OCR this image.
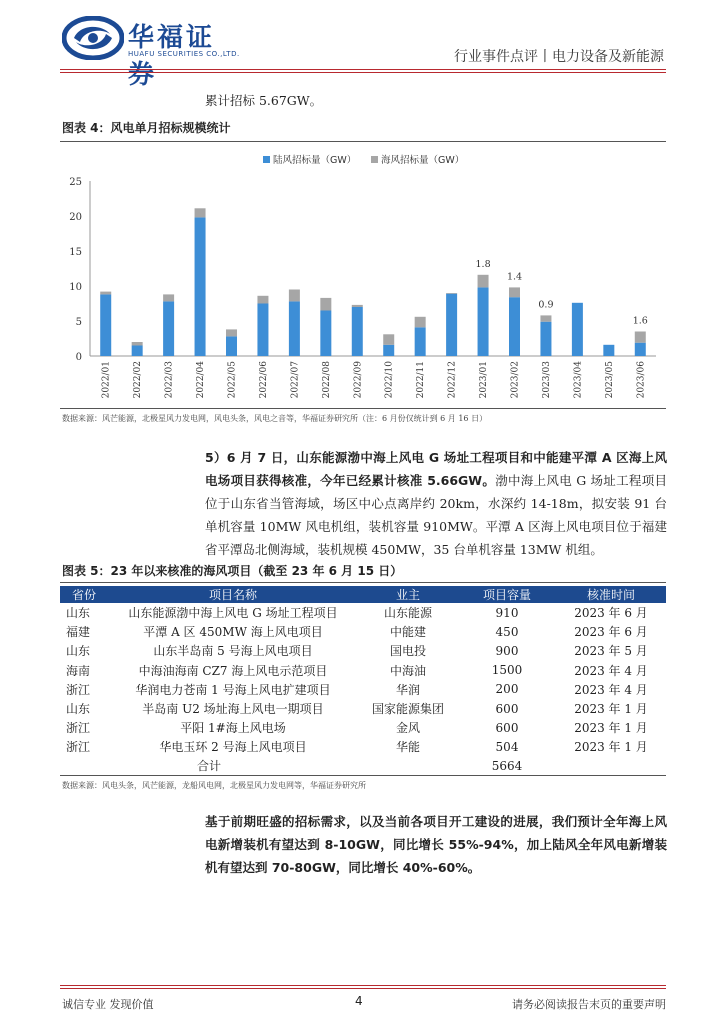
华福证券
HUAFU SECURITIES CO.,LTD.	行业事件点评丨电力设备及新能源
累计招标 5.67GW。
图表 4：风电单月招标规模统计
0
5
10
15
20
25
陆风招标量（GW）	海风招标量（GW）
2022/01 2022/02 2022/03 2022/04 2022/05 2022/06 2022/07 2022/08 2022/09 2022/10 2022/11 2022/12 2023/01 2023/02 2023/03 2023/04 2023/05 2023/06
1.8
1.4
0.9
1.6
数据来源：风芒能源，北极星风力发电网，风电头条，风电之音等，华福证券研究所（注：6 月份仅统计到 6 月 16 日）
5）6 月 7 日，山东能源渤中海上风电 G 场址工程项目和中能建平潭 A 区海上风电场项目获得核准，今年已经累计核准 5.66GW。渤中海上风电 G 场址工程项目位于山东省当管海域，场区中心点离岸约 20km，水深约 14-18m，拟安装 91 台单机容量 10MW 风电机组，装机容量 910MW。平潭 A 区海上风电项目位于福建省平潭岛北侧海域，装机规模 450MW，35 台单机容量 13MW 机组。
图表 5：23 年以来核准的海风项目（截至 23 年 6 月 15 日）
省份	项目名称	业主	项目容量	核准时间
山东	山东能源渤中海上风电 G 场址工程项目	山东能源	910	2023 年 6 月
福建	平潭 A 区 450MW 海上风电项目	中能建	450	2023 年 6 月
山东	山东半岛南 5 号海上风电项目	国电投	900	2023 年 5 月
海南	中海油海南 CZ7 海上风电示范项目	中海油	1500	2023 年 4 月
浙江	华润电力苍南 1 号海上风电扩建项目	华润	200	2023 年 4 月
山东	半岛南 U2 场址海上风电一期项目	国家能源集团	600	2023 年 1 月
浙江	平阳 1#海上风电场	金风	600	2023 年 1 月
浙江	华电玉环 2 号海上风电项目	华能	504	2023 年 1 月
合计			5664	
数据来源：风电头条，风芒能源，龙船风电网，北极星风力发电网等，华福证券研究所
基于前期旺盛的招标需求，以及当前各项目开工建设的进展，我们预计全年海上风电新增装机有望达到 8-10GW，同比增长 55%-94%，加上陆风全年风电新增装机有望达到 70-80GW，同比增长 40%-60%。
诚信专业 发现价值	4	请务必阅读报告末页的重要声明
